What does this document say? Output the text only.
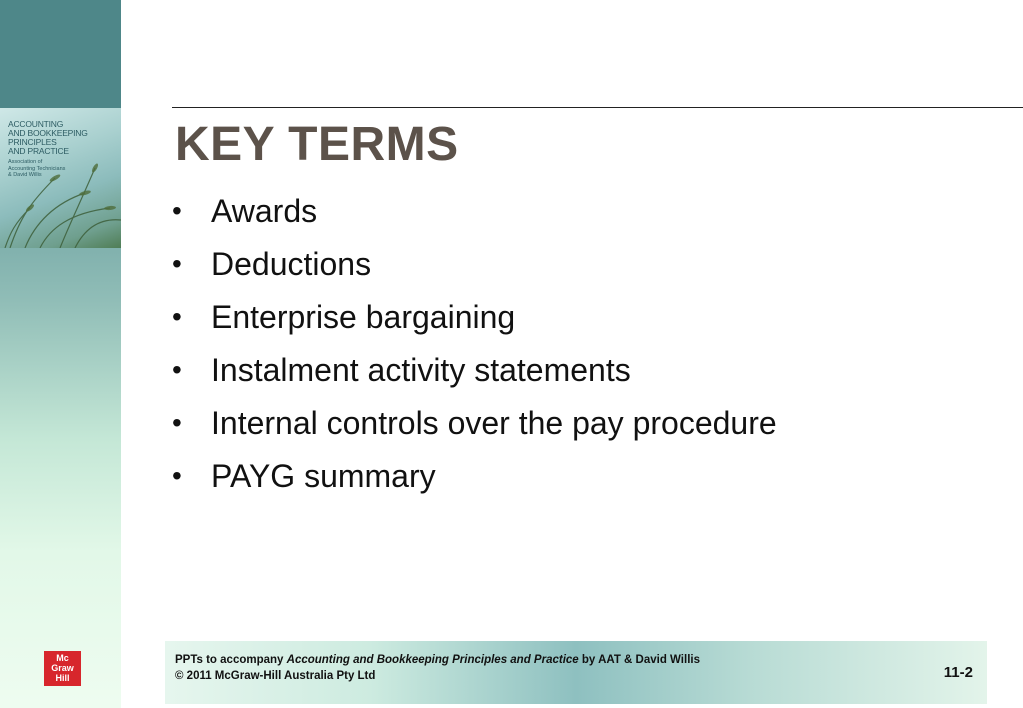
ACCOUNTING
AND BOOKKEEPING
PRINCIPLES
AND PRACTICE
Association of
Accounting Technicians
& David Willis
Mc
Graw
Hill
KEY TERMS
• Awards
• Deductions
• Enterprise bargaining
• Instalment activity statements
• Internal controls over the pay procedure
• PAYG summary
PPTs to accompany Accounting and Bookkeeping Principles and Practice by AAT & David Willis
© 2011 McGraw-Hill Australia Pty Ltd	11-2
